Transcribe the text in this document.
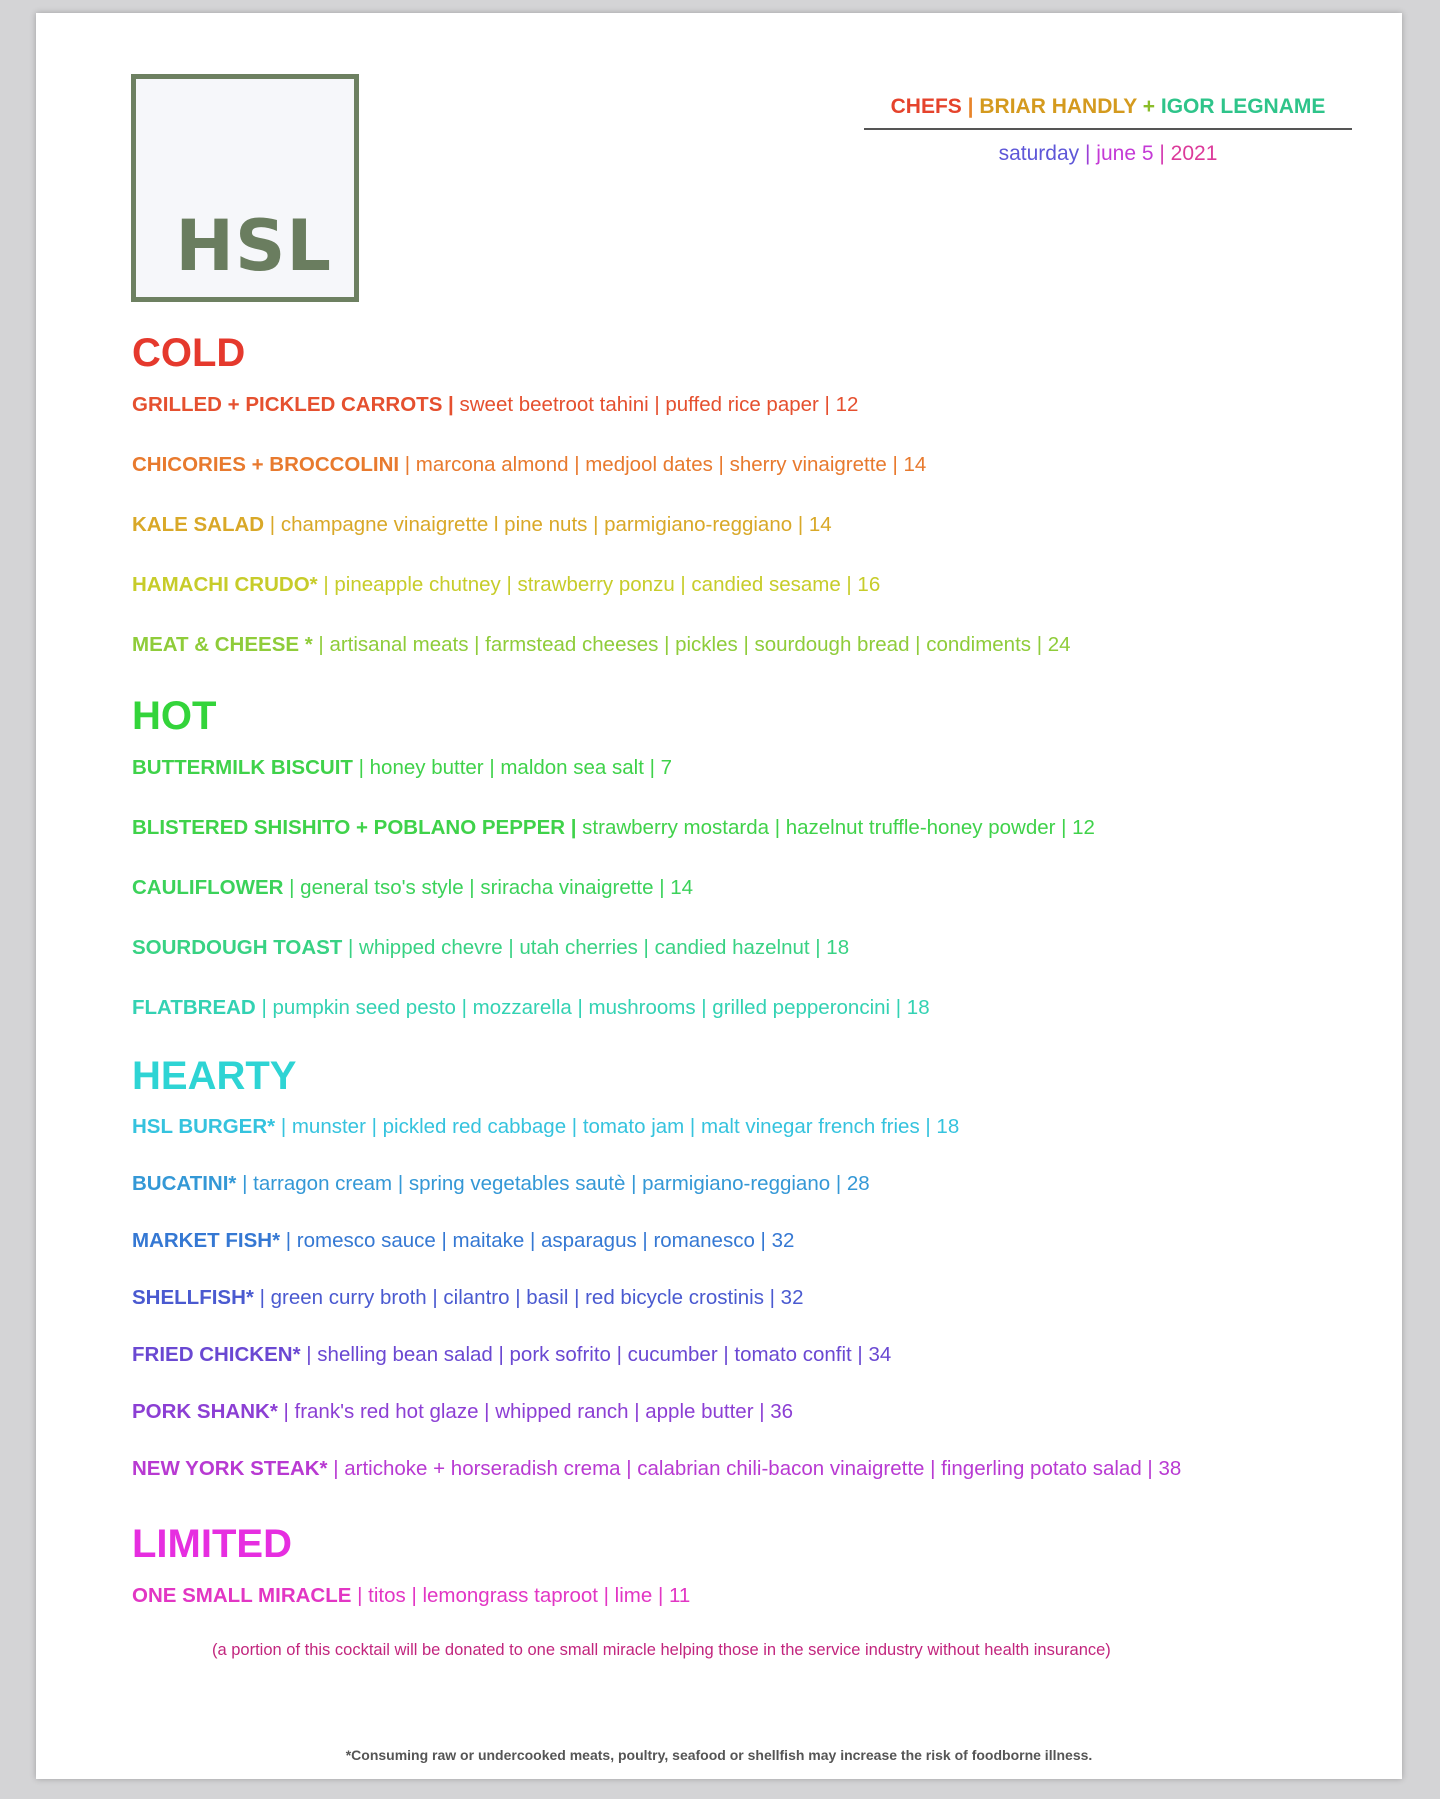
HSL
CHEFS | BRIAR HANDLY + IGOR LEGNAME
saturday | june 5 | 2021
COLD

GRILLED + PICKLED CARROTS | sweet beetroot tahini | puffed rice paper | 12

CHICORIES + BROCCOLINI | marcona almond | medjool dates | sherry vinaigrette | 14

KALE SALAD | champagne vinaigrette l pine nuts | parmigiano-reggiano | 14

HAMACHI CRUDO* | pineapple chutney | strawberry ponzu | candied sesame | 16

MEAT & CHEESE * | artisanal meats | farmstead cheeses | pickles | sourdough bread | condiments | 24

HOT

BUTTERMILK BISCUIT | honey butter | maldon sea salt | 7

BLISTERED SHISHITO + POBLANO PEPPER | strawberry mostarda | hazelnut truffle-honey powder | 12

CAULIFLOWER | general tso's style | sriracha vinaigrette | 14

SOURDOUGH TOAST | whipped chevre | utah cherries | candied hazelnut | 18

FLATBREAD | pumpkin seed pesto | mozzarella | mushrooms | grilled pepperoncini | 18

HEARTY

HSL BURGER* | munster | pickled red cabbage | tomato jam | malt vinegar french fries | 18

BUCATINI* | tarragon cream | spring vegetables sautè | parmigiano-reggiano | 28

MARKET FISH* | romesco sauce | maitake | asparagus | romanesco | 32

SHELLFISH* | green curry broth | cilantro | basil | red bicycle crostinis | 32

FRIED CHICKEN* | shelling bean salad | pork sofrito | cucumber | tomato confit | 34

PORK SHANK* | frank's red hot glaze | whipped ranch | apple butter | 36

NEW YORK STEAK* | artichoke + horseradish crema | calabrian chili-bacon vinaigrette | fingerling potato salad | 38

LIMITED

ONE SMALL MIRACLE | titos | lemongrass taproot | lime | 11

(a portion of this cocktail will be donated to one small miracle helping those in the service industry without health insurance)

*Consuming raw or undercooked meats, poultry, seafood or shellfish may increase the risk of foodborne illness.
